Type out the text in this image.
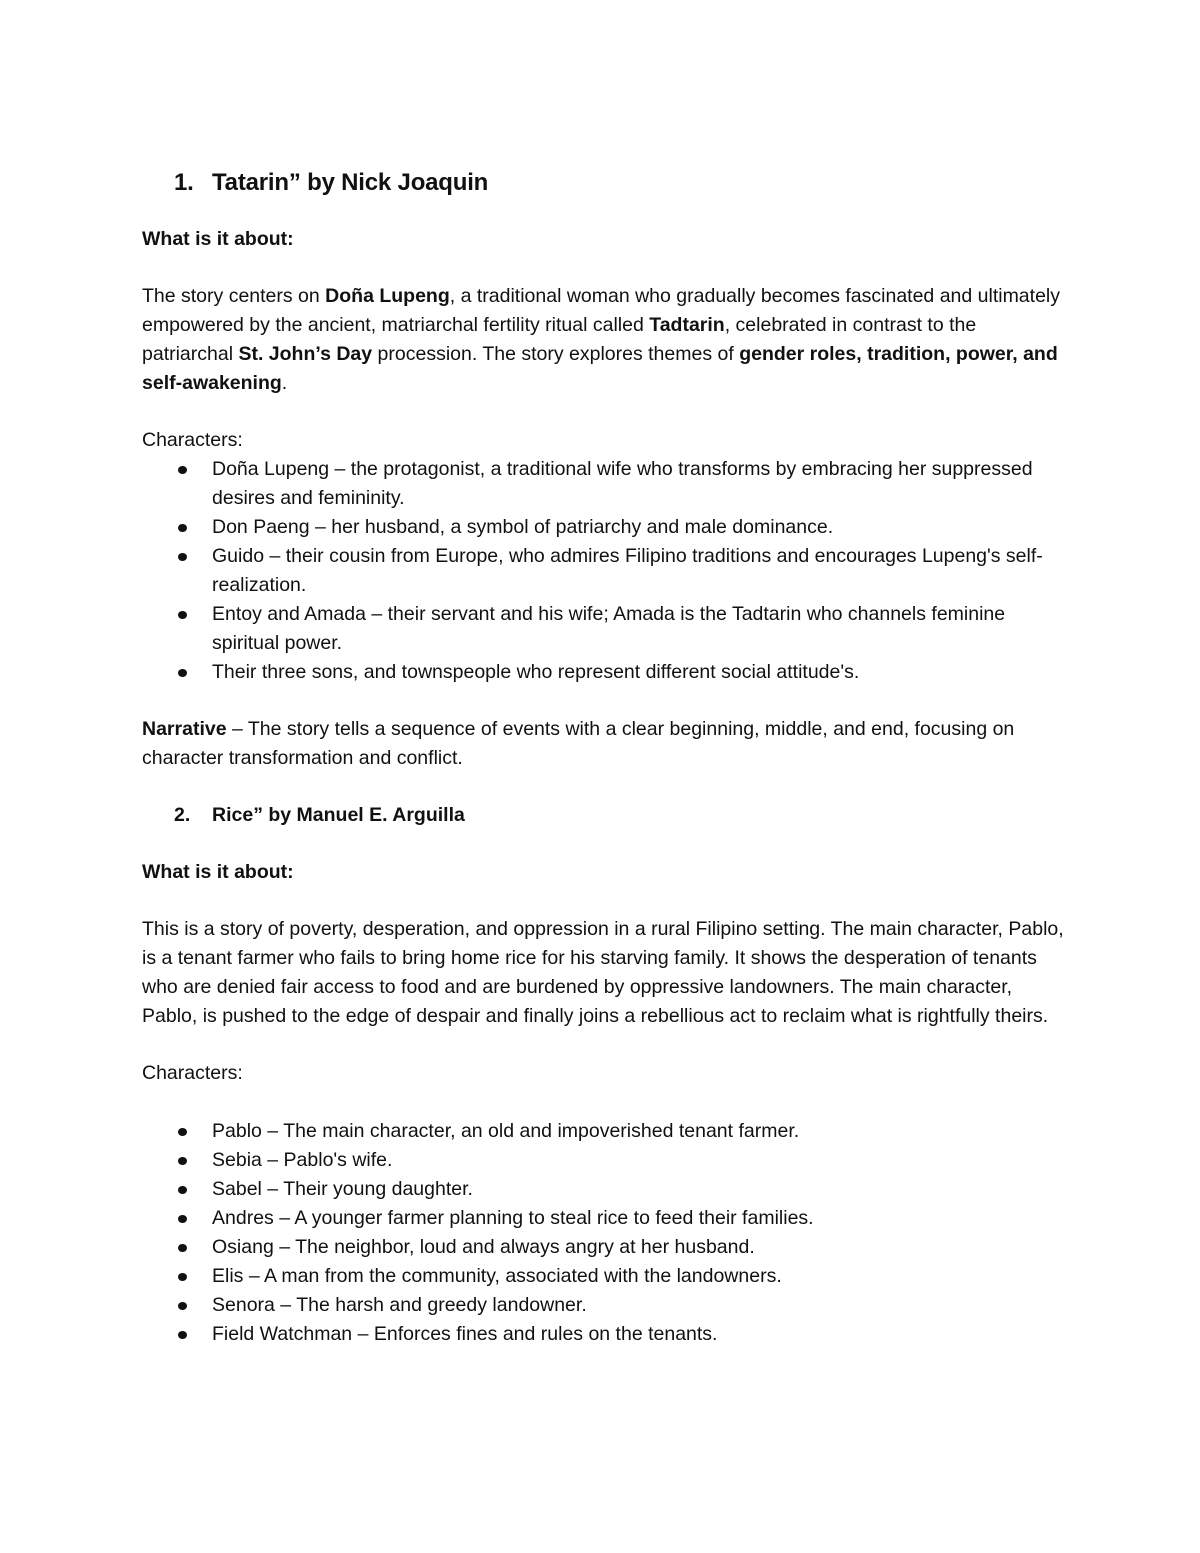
1. Tatarin” by Nick Joaquin

What is it about:

The story centers on Doña Lupeng, a traditional woman who gradually becomes fascinated and ultimately empowered by the ancient, matriarchal fertility ritual called Tadtarin, celebrated in contrast to the patriarchal St. John’s Day procession. The story explores themes of gender roles, tradition, power, and self-awakening.

Characters:

Doña Lupeng – the protagonist, a traditional wife who transforms by embracing her suppressed desires and femininity.
Don Paeng – her husband, a symbol of patriarchy and male dominance.
Guido – their cousin from Europe, who admires Filipino traditions and encourages Lupeng's self-realization.
Entoy and Amada – their servant and his wife; Amada is the Tadtarin who channels feminine spiritual power.
Their three sons, and townspeople who represent different social attitude's.

Narrative – The story tells a sequence of events with a clear beginning, middle, and end, focusing on character transformation and conflict.

2. Rice” by Manuel E. Arguilla

What is it about:

This is a story of poverty, desperation, and oppression in a rural Filipino setting. The main character, Pablo, is a tenant farmer who fails to bring home rice for his starving family. It shows the desperation of tenants who are denied fair access to food and are burdened by oppressive landowners. The main character, Pablo, is pushed to the edge of despair and finally joins a rebellious act to reclaim what is rightfully theirs.

Characters:

Pablo – The main character, an old and impoverished tenant farmer.
Sebia – Pablo's wife.
Sabel – Their young daughter.
Andres – A younger farmer planning to steal rice to feed their families.
Osiang – The neighbor, loud and always angry at her husband.
Elis – A man from the community, associated with the landowners.
Senora – The harsh and greedy landowner.
Field Watchman – Enforces fines and rules on the tenants.
